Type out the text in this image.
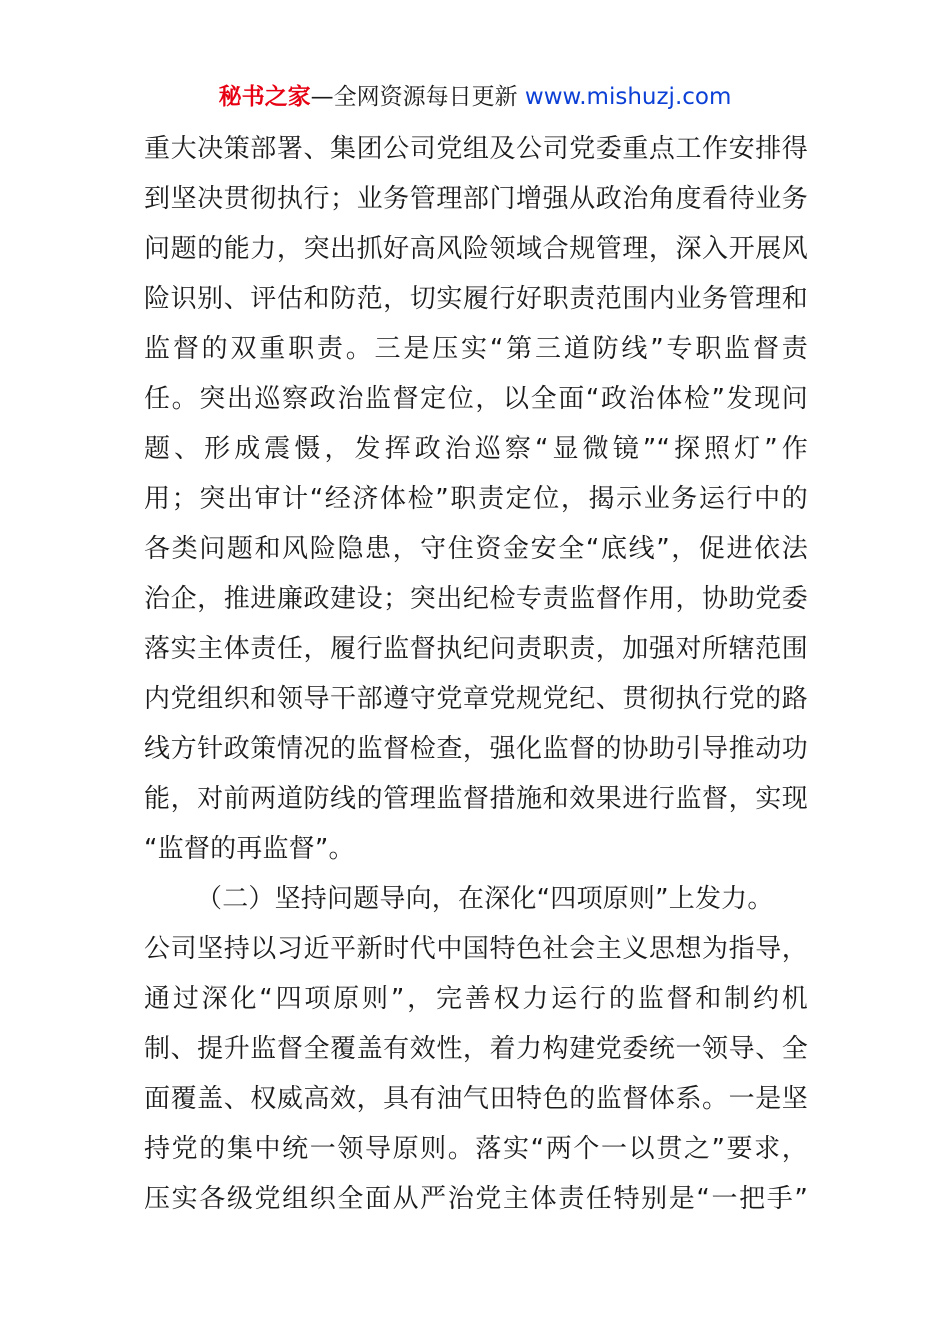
秘书之家—全网资源每日更新 www.mishuzj.com
重大决策部署、集团公司党组及公司党委重点工作安排得
到坚决贯彻执行；业务管理部门增强从政治角度看待业务
问题的能力，突出抓好高风险领域合规管理，深入开展风
险识别、评估和防范，切实履行好职责范围内业务管理和
监督的双重职责。三是压实“第三道防线”专职监督责
任。突出巡察政治监督定位，以全面“政治体检”发现问
题、形成震慑，发挥政治巡察“显微镜”“探照灯”作
用；突出审计“经济体检”职责定位，揭示业务运行中的
各类问题和风险隐患，守住资金安全“底线”，促进依法
治企，推进廉政建设；突出纪检专责监督作用，协助党委
落实主体责任，履行监督执纪问责职责，加强对所辖范围
内党组织和领导干部遵守党章党规党纪、贯彻执行党的路
线方针政策情况的监督检查，强化监督的协助引导推动功
能，对前两道防线的管理监督措施和效果进行监督，实现
“监督的再监督”。
（二）坚持问题导向，在深化“四项原则”上发力。
公司坚持以习近平新时代中国特色社会主义思想为指导，
通过深化“四项原则”，完善权力运行的监督和制约机
制、提升监督全覆盖有效性，着力构建党委统一领导、全
面覆盖、权威高效，具有油气田特色的监督体系。一是坚
持党的集中统一领导原则。落实“两个一以贯之”要求，
压实各级党组织全面从严治党主体责任特别是“一把手”
